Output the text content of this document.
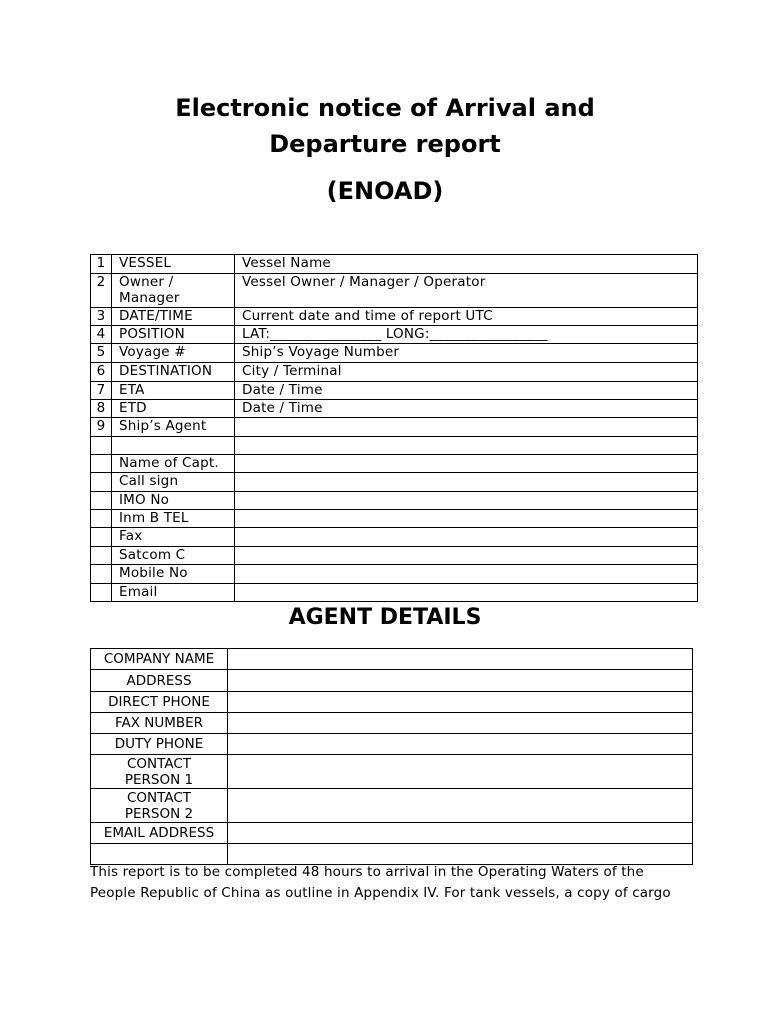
Electronic notice of Arrival and
Departure report
(ENOAD)
1	VESSEL	Vessel Name
2	Owner /
Manager	Vessel Owner / Manager / Operator
3	DATE/TIME	Current date and time of report UTC
4	POSITION	LAT:________________ LONG:_________________
5	Voyage #	Ship’s Voyage Number
6	DESTINATION	City / Terminal
7	ETA	Date / Time
8	ETD	Date / Time
9	Ship’s Agent	

	Name of Capt.	
	Call sign	
	IMO No	
	Inm B TEL	
	Fax	
	Satcom C	
	Mobile No	
	Email	
AGENT DETAILS
COMPANY NAME	
ADDRESS	
DIRECT PHONE	
FAX NUMBER	
DUTY PHONE	
CONTACT
PERSON 1	
CONTACT
PERSON 2	
EMAIL ADDRESS	

This report is to be completed 48 hours to arrival in the Operating Waters of the

People Republic of China as outline in Appendix IV. For tank vessels, a copy of cargo
